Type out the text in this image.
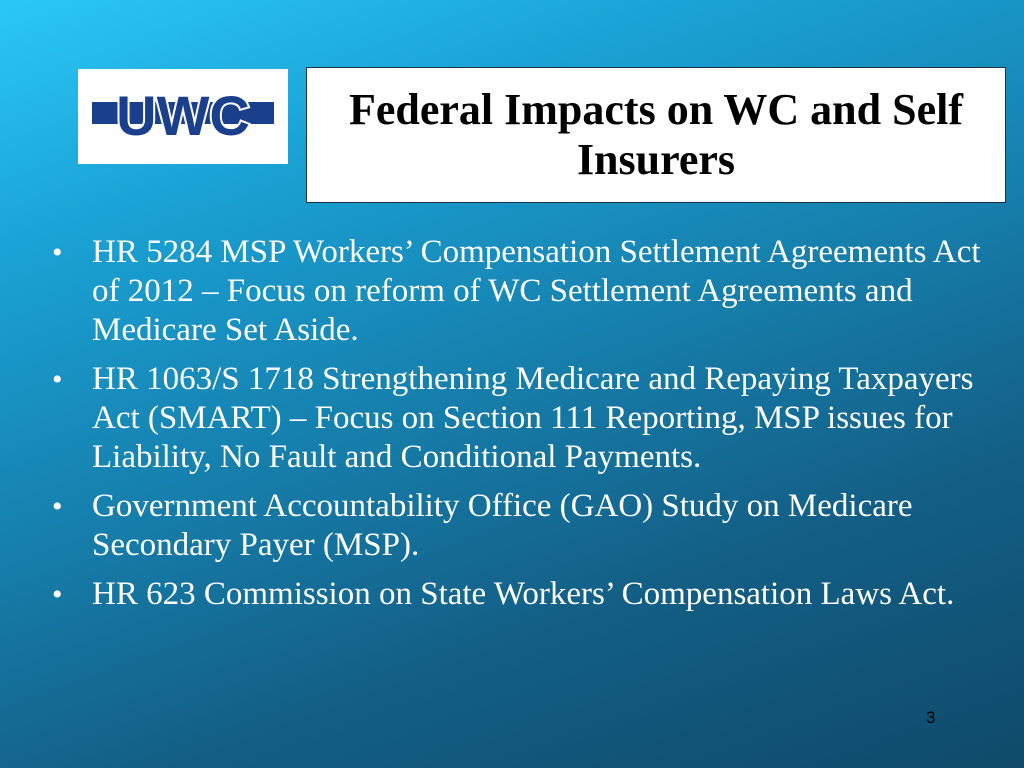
UWC	Federal Impacts on WC and Self Insurers
• HR 5284 MSP Workers’ Compensation Settlement Agreements Act of 2012 – Focus on reform of WC Settlement Agreements and Medicare Set Aside.
• HR 1063/S 1718 Strengthening Medicare and Repaying Taxpayers Act (SMART) – Focus on Section 111 Reporting, MSP issues for Liability, No Fault and Conditional Payments.
• Government Accountability Office (GAO) Study on Medicare Secondary Payer (MSP).
• HR 623 Commission on State Workers’ Compensation Laws Act.
3
